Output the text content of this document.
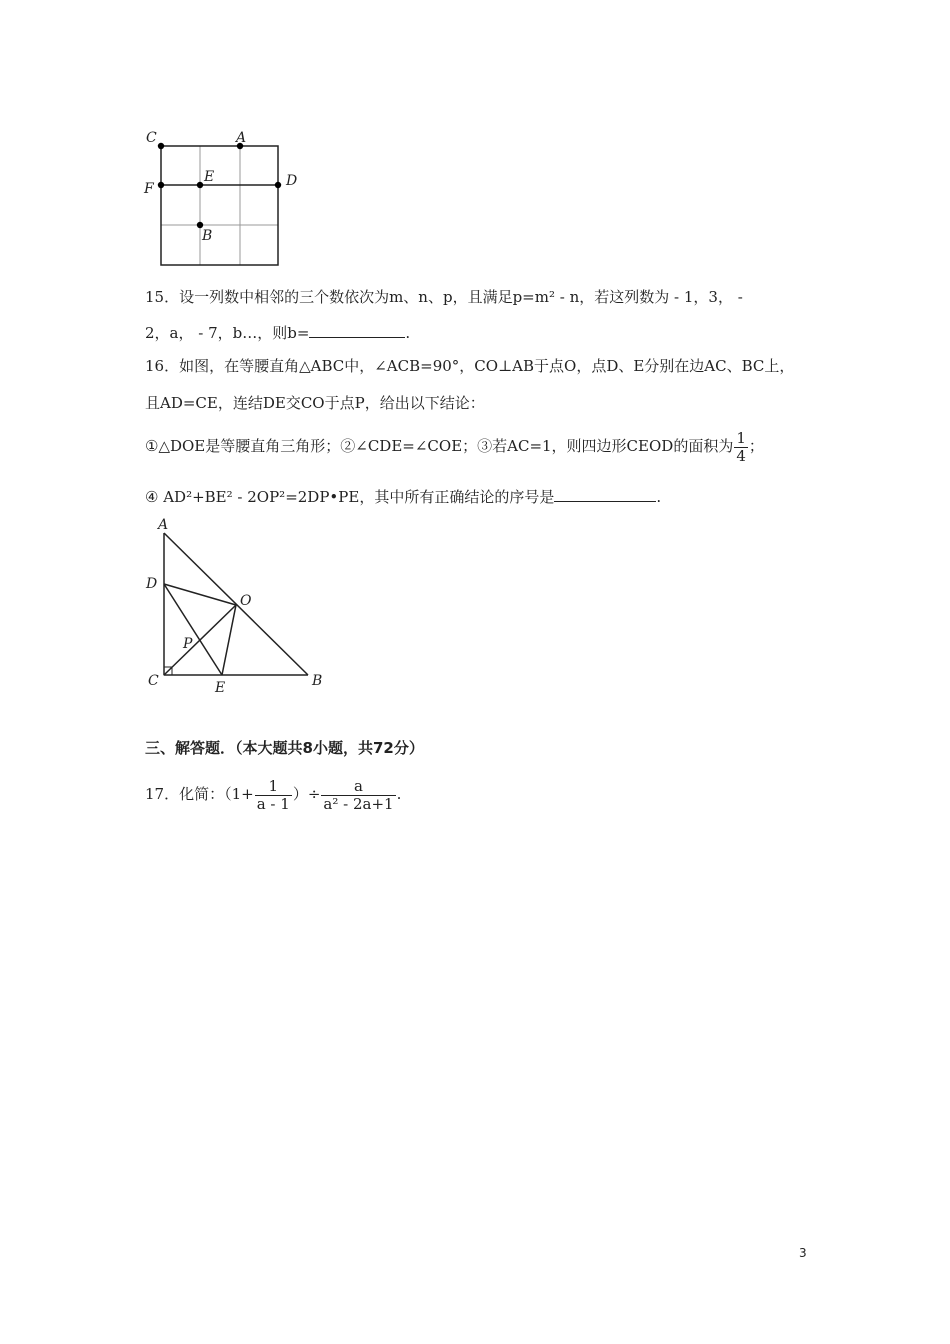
C	A
E	D
F
B
15．设一列数中相邻的三个数依次为m、n、p，且满足p=m² - n，若这列数为 - 1，3， -
2，a， - 7，b…，则b=	.
16．如图，在等腰直角△ABC中，∠ACB=90°，CO⊥AB于点O，点D、E分别在边AC、BC上，
且AD=CE，连结DE交CO于点P，给出以下结论：
①△DOE是等腰直角三角形；②∠CDE=∠COE；③若AC=1，则四边形CEOD的面积为 $\frac{1}{4}$ ；
④ AD²+BE² - 2OP²=2DP•PE，其中所有正确结论的序号是	.
A
D
O
P
C	E	B
三、解答题．（本大题共8小题，共72分）
17．化简：（$1+ \frac{1}{a - 1}$ ）÷ $\frac{a}{\text{a² - 2a+1}}$ .
3
